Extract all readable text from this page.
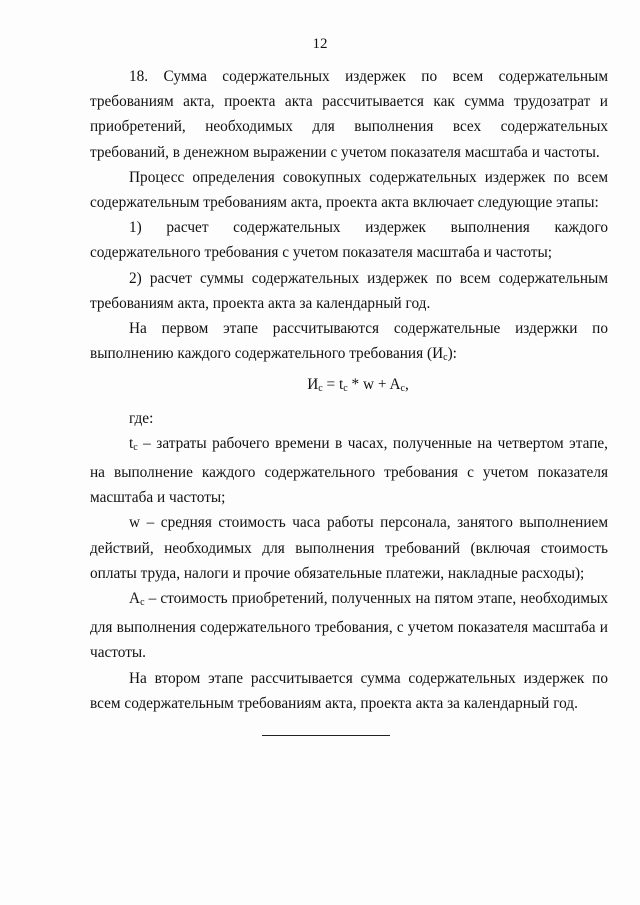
12

18. Сумма содержательных издержек по всем содержательным требованиям акта, проекта акта рассчитывается как сумма трудозатрат и приобретений, необходимых для выполнения всех содержательных требований, в денежном выражении с учетом показателя масштаба и частоты.

Процесс определения совокупных содержательных издержек по всем содержательным требованиям акта, проекта акта включает следующие этапы:

1) расчет содержательных издержек выполнения каждого содержательного требования с учетом показателя масштаба и частоты;

2) расчет суммы содержательных издержек по всем содержательным требованиям акта, проекта акта за календарный год.

На первом этапе рассчитываются содержательные издержки по выполнению каждого содержательного требования $(И_c)$:

$И_c = t_c * w + A_c$,

где:

$t_c$ – затраты рабочего времени в часах, полученные на четвертом этапе, на выполнение каждого содержательного требования с учетом показателя масштаба и частоты;

w – средняя стоимость часа работы персонала, занятого выполнением действий, необходимых для выполнения требований (включая стоимость оплаты труда, налоги и прочие обязательные платежи, накладные расходы);

$A_c$ – стоимость приобретений, полученных на пятом этапе, необходимых для выполнения содержательного требования, с учетом показателя масштаба и частоты.

На втором этапе рассчитывается сумма содержательных издержек по всем содержательным требованиям акта, проекта акта за календарный год.
